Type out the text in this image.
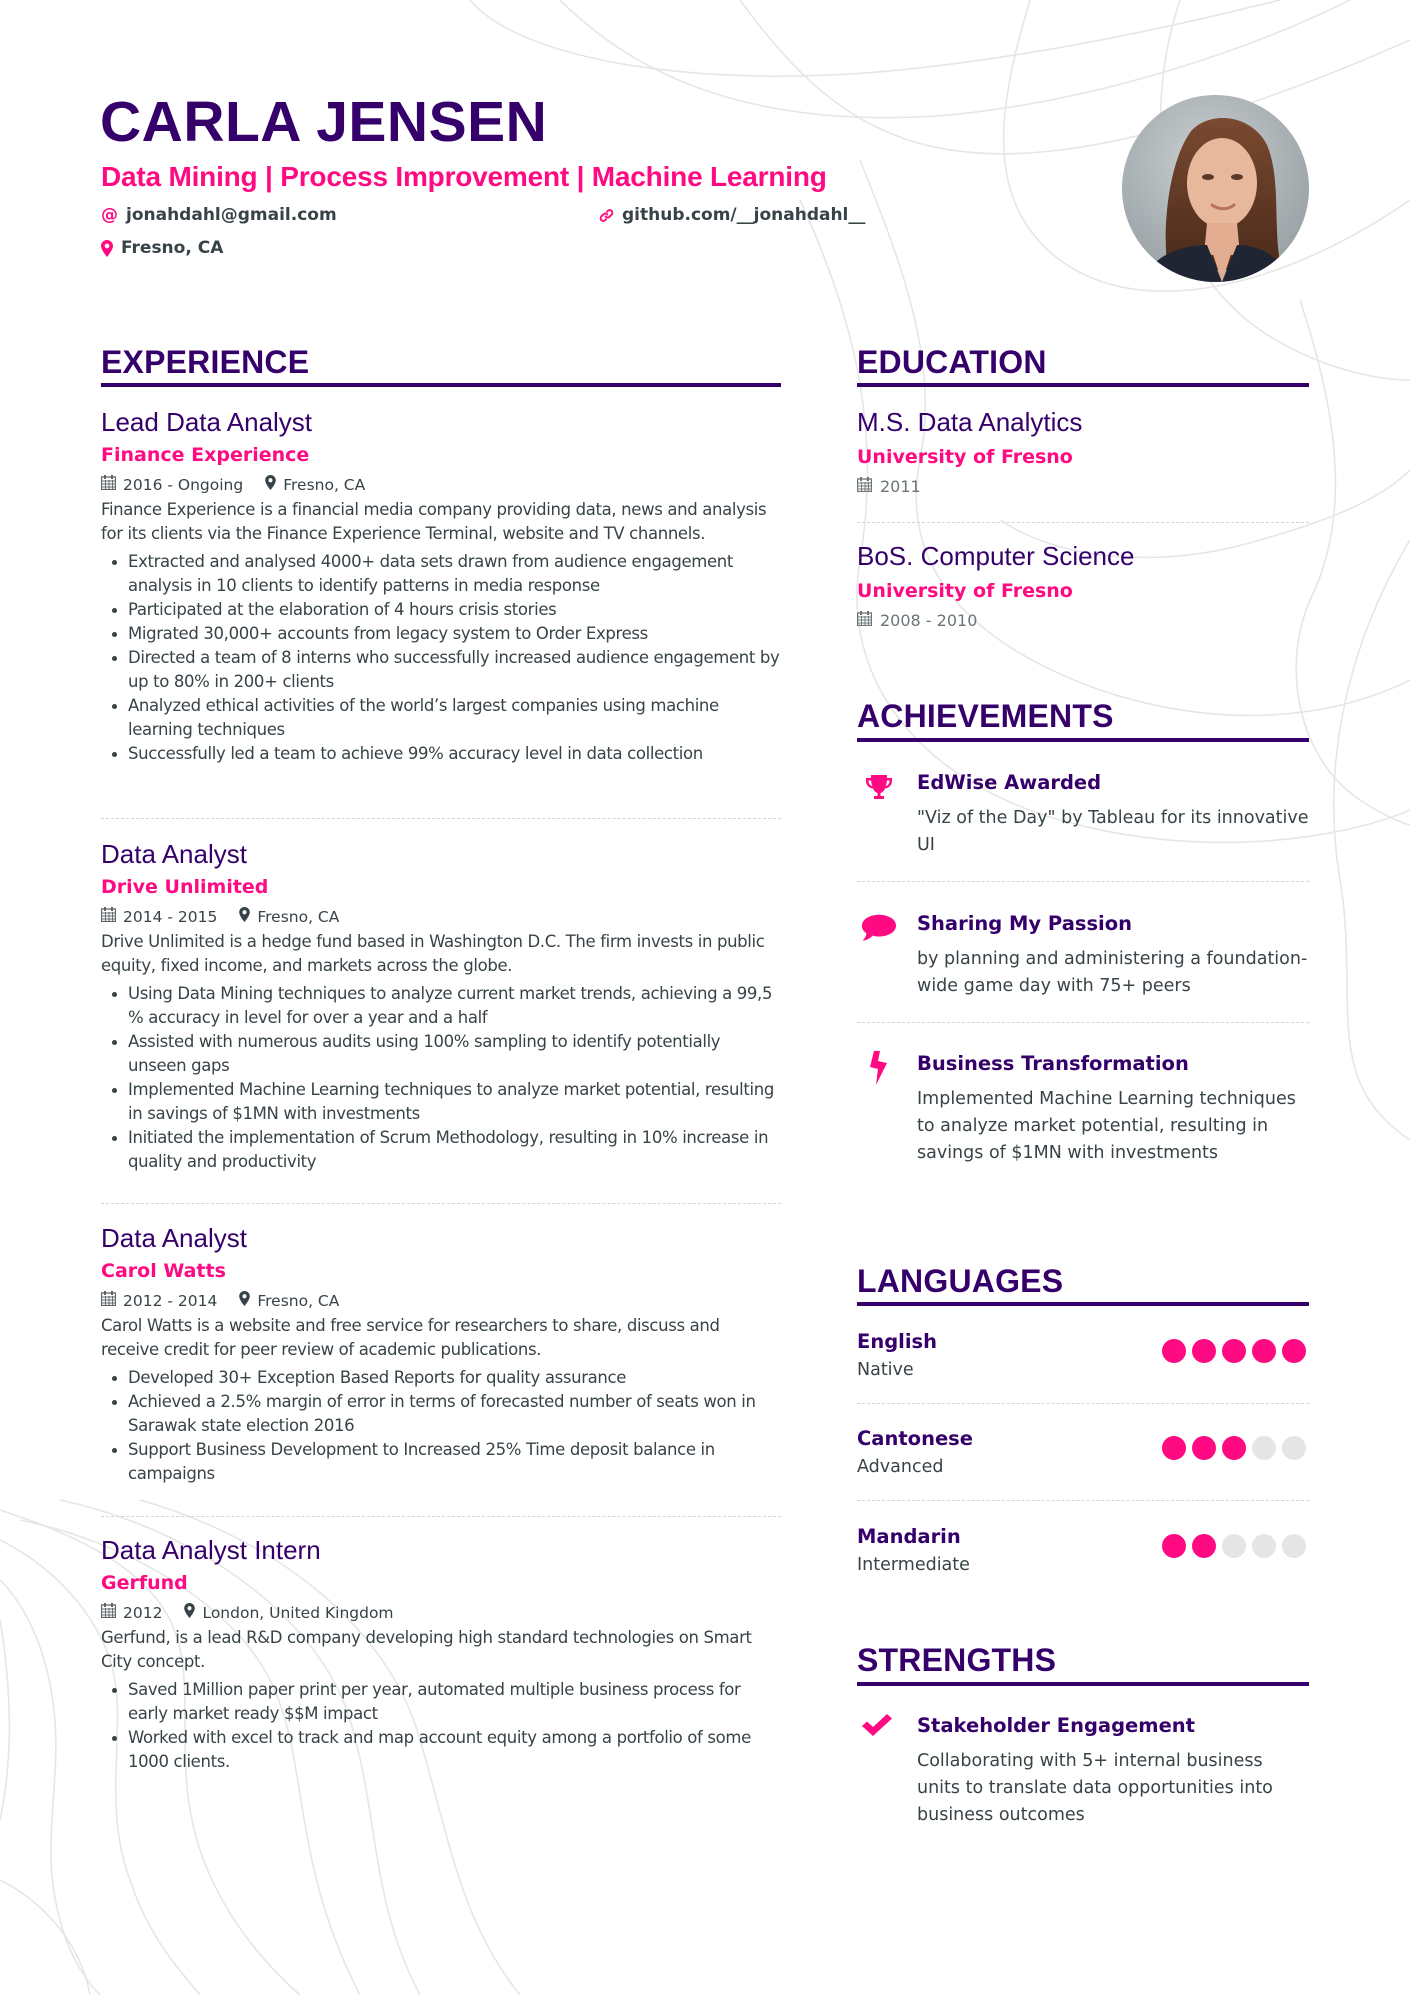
CARLA JENSEN
Data Mining | Process Improvement | Machine Learning
@ jonahdahl@gmail.com	github.com/__jonahdahl__
Fresno, CA
EXPERIENCE
Lead Data Analyst
Finance Experience
2016 - Ongoing	Fresno, CA
Finance Experience is a financial media company providing data, news and analysis for its clients via the Finance Experience Terminal, website and TV channels.
Extracted and analysed 4000+ data sets drawn from audience engagement analysis in 10 clients to identify patterns in media response
Participated at the elaboration of 4 hours crisis stories
Migrated 30,000+ accounts from legacy system to Order Express
Directed a team of 8 interns who successfully increased audience engagement by up to 80% in 200+ clients
Analyzed ethical activities of the world’s largest companies using machine learning techniques
Successfully led a team to achieve 99% accuracy level in data collection
Data Analyst
Drive Unlimited
2014 - 2015	Fresno, CA
Drive Unlimited is a hedge fund based in Washington D.C. The firm invests in public equity, fixed income, and markets across the globe.
Using Data Mining techniques to analyze current market trends, achieving a 99,5 % accuracy in level for over a year and a half
Assisted with numerous audits using 100% sampling to identify potentially unseen gaps
Implemented Machine Learning techniques to analyze market potential, resulting in savings of $1MN with investments
Initiated the implementation of Scrum Methodology, resulting in 10% increase in quality and productivity
Data Analyst
Carol Watts
2012 - 2014	Fresno, CA
Carol Watts is a website and free service for researchers to share, discuss and receive credit for peer review of academic publications.
Developed 30+ Exception Based Reports for quality assurance
Achieved a 2.5% margin of error in terms of forecasted number of seats won in Sarawak state election 2016
Support Business Development to Increased 25% Time deposit balance in campaigns
Data Analyst Intern
Gerfund
2012	London, United Kingdom
Gerfund, is a lead R&D company developing high standard technologies on Smart City concept.
Saved 1Million paper print per year, automated multiple business process for early market ready $$M impact
Worked with excel to track and map account equity among a portfolio of some 1000 clients.
EDUCATION
M.S. Data Analytics
University of Fresno
2011
BoS. Computer Science
University of Fresno
2008 - 2010
ACHIEVEMENTS
EdWise Awarded
"Viz of the Day" by Tableau for its innovative UI
Sharing My Passion
by planning and administering a foundation-wide game day with 75+ peers
Business Transformation
Implemented Machine Learning techniques to analyze market potential, resulting in savings of $1MN with investments
LANGUAGES
English
Native
Cantonese
Advanced
Mandarin
Intermediate
STRENGTHS
Stakeholder Engagement
Collaborating with 5+ internal business units to translate data opportunities into business outcomes
